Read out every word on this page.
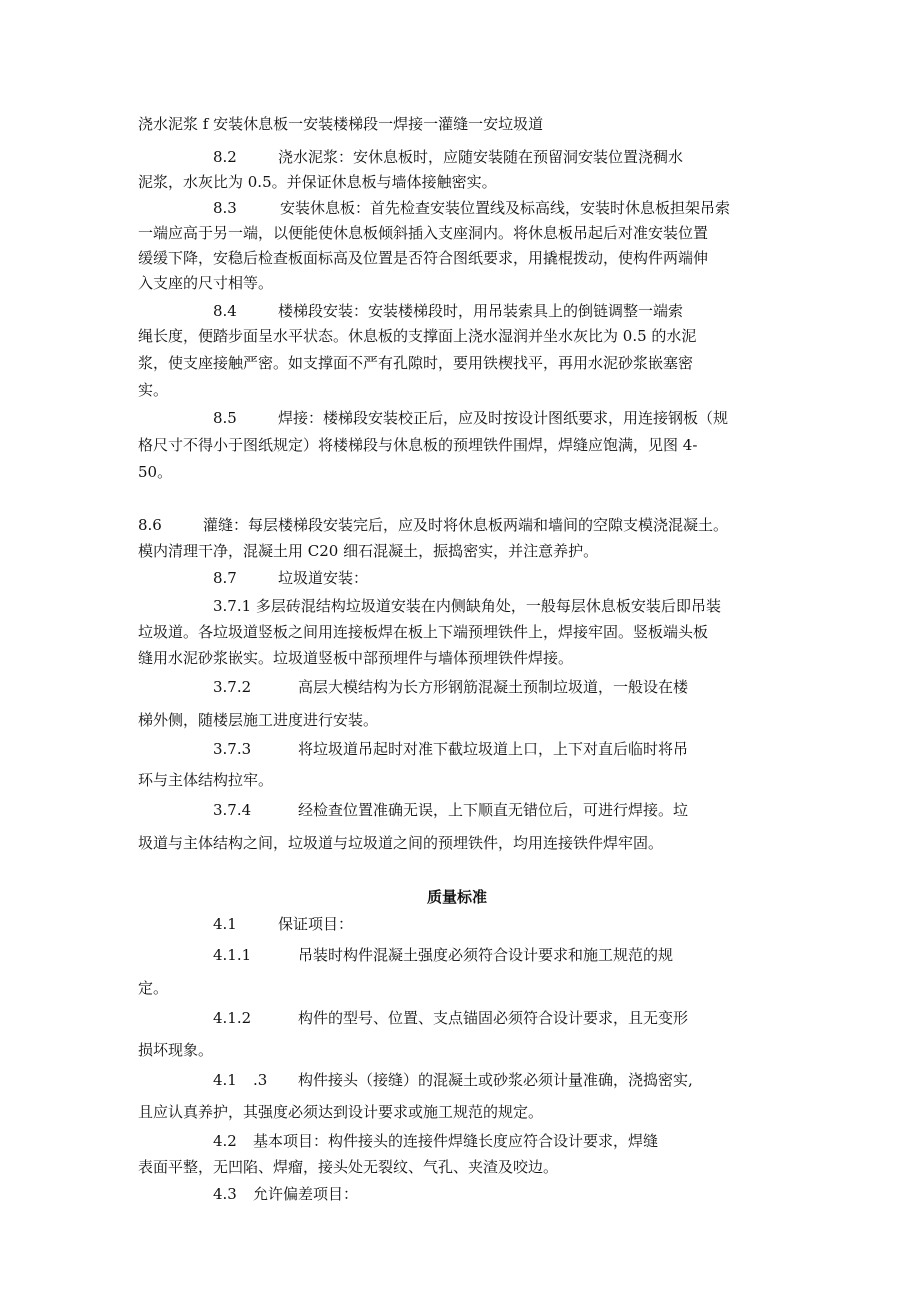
浇水泥浆 f 安装休息板一安装楼梯段一焊接一灌缝一安垃圾道
8.2	浇水泥浆：安休息板时，应随安装随在预留洞安装位置浇稠水
泥浆，水灰比为 0.5。并保证休息板与墙体接触密实。
8.3	安装休息板：首先检查安装位置线及标高线，安装时休息板担架吊索
一端应高于另一端，以便能使休息板倾斜插入支座洞内。将休息板吊起后对准安装位置
缓缓下降，安稳后检查板面标高及位置是否符合图纸要求，用撬棍拨动，使构件两端伸
入支座的尺寸相等。
8.4	楼梯段安装：安装楼梯段时，用吊装索具上的倒链调整一端索
绳长度，便踏步面呈水平状态。休息板的支撑面上浇水湿润并坐水灰比为 0.5 的水泥
浆，使支座接触严密。如支撑面不严有孔隙时，要用铁楔找平，再用水泥砂浆嵌塞密
实。
8.5	焊接：楼梯段安装校正后，应及时按设计图纸要求，用连接钢板（规
格尺寸不得小于图纸规定）将楼梯段与休息板的预埋铁件围焊，焊缝应饱满，见图 4-
50。
8.6	灌缝：每层楼梯段安装完后，应及时将休息板两端和墙间的空隙支模浇混凝土。
模内清理干净，混凝土用 C20 细石混凝土，振捣密实，并注意养护。
8.7	垃圾道安装：
3.7.1 多层砖混结构垃圾道安装在内侧缺角处，一般每层休息板安装后即吊装
垃圾道。各垃圾道竖板之间用连接板焊在板上下端预埋铁件上，焊接牢固。竖板端头板
缝用水泥砂浆嵌实。垃圾道竖板中部预埋件与墙体预埋铁件焊接。
3.7.2	高层大模结构为长方形钢筋混凝土预制垃圾道，一般设在楼
梯外侧，随楼层施工进度进行安装。
3.7.3	将垃圾道吊起时对准下截垃圾道上口，上下对直后临时将吊
环与主体结构拉牢。
3.7.4	经检查位置准确无误，上下顺直无错位后，可进行焊接。垃
圾道与主体结构之间，垃圾道与垃圾道之间的预埋铁件，均用连接铁件焊牢固。
质量标准
4.1	保证项目：
4.1.1	吊装时构件混凝土强度必须符合设计要求和施工规范的规
定。
4.1.2	构件的型号、位置、支点锚固必须符合设计要求，且无变形
损坏现象。
4.1 .3 构件接头（接缝）的混凝土或砂浆必须计量准确，浇捣密实,
且应认真养护，其强度必须达到设计要求或施工规范的规定。
4.2 基本项目：构件接头的连接件焊缝长度应符合设计要求，焊缝
表面平整，无凹陷、焊瘤，接头处无裂纹、气孔、夹渣及咬边。
4.3 允许偏差项目：
